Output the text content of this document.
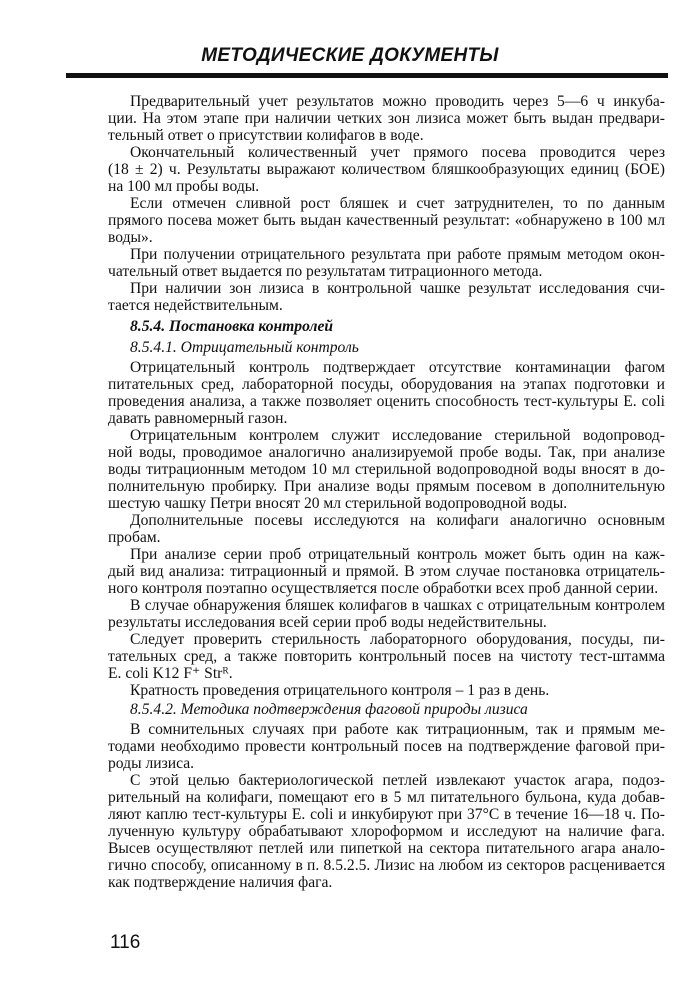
МЕТОДИЧЕСКИЕ ДОКУМЕНТЫ
Предварительный учет результатов можно проводить через 5—6 ч инкуба-
ции. На этом этапе при наличии четких зон лизиса может быть выдан предвари-
тельный ответ о присутствии колифагов в воде.
Окончательный количественный учет прямого посева проводится через
(18 ± 2) ч. Результаты выражают количеством бляшкообразующих единиц (БОЕ)
на 100 мл пробы воды.
Если отмечен сливной рост бляшек и счет затруднителен, то по данным
прямого посева может быть выдан качественный результат: «обнаружено в 100 мл
воды».
При получении отрицательного результата при работе прямым методом окон-
чательный ответ выдается по результатам титрационного метода.
При наличии зон лизиса в контрольной чашке результат исследования счи-
тается недействительным.
8.5.4. Постановка контролей
8.5.4.1. Отрицательный контроль
Отрицательный контроль подтверждает отсутствие контаминации фагом
питательных сред, лабораторной посуды, оборудования на этапах подготовки и
проведения анализа, а также позволяет оценить способность тест-культуры E. coli
давать равномерный газон.
Отрицательным контролем служит исследование стерильной водопровод-
ной воды, проводимое аналогично анализируемой пробе воды. Так, при анализе
воды титрационным методом 10 мл стерильной водопроводной воды вносят в до-
полнительную пробирку. При анализе воды прямым посевом в дополнительную
шестую чашку Петри вносят 20 мл стерильной водопроводной воды.
Дополнительные посевы исследуются на колифаги аналогично основным
пробам.
При анализе серии проб отрицательный контроль может быть один на каж-
дый вид анализа: титрационный и прямой. В этом случае постановка отрицатель-
ного контроля поэтапно осуществляется после обработки всех проб данной серии.
В случае обнаружения бляшек колифагов в чашках с отрицательным контролем
результаты исследования всей серии проб воды недействительны.
Следует проверить стерильность лабораторного оборудования, посуды, пи-
тательных сред, а также повторить контрольный посев на чистоту тест-штамма
E. coli K12 F⁺ Strᴿ.
Кратность проведения отрицательного контроля – 1 раз в день.
8.5.4.2. Методика подтверждения фаговой природы лизиса
В сомнительных случаях при работе как титрационным, так и прямым ме-
тодами необходимо провести контрольный посев на подтверждение фаговой при-
роды лизиса.
С этой целью бактериологической петлей извлекают участок агара, подоз-
рительный на колифаги, помещают его в 5 мл питательного бульона, куда добав-
ляют каплю тест-культуры E. coli и инкубируют при 37°С в течение 16—18 ч. По-
лученную культуру обрабатывают хлороформом и исследуют на наличие фага.
Высев осуществляют петлей или пипеткой на сектора питательного агара анало-
гично способу, описанному в п. 8.5.2.5. Лизис на любом из секторов расценивается
как подтверждение наличия фага.
116
